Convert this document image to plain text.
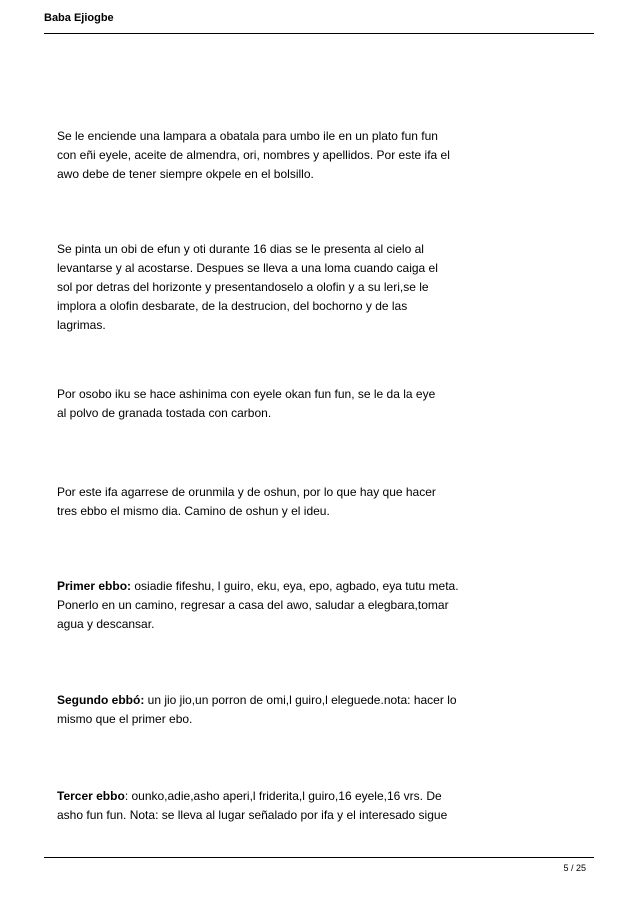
Baba Ejiogbe

Se le enciende una lampara a obatala para umbo ile en un plato fun fun
con eñi eyele, aceite de almendra, ori, nombres y apellidos. Por este ifa el
awo debe de tener siempre okpele en el bolsillo.

Se pinta un obi de efun y oti durante 16 dias se le presenta al cielo al
levantarse y al acostarse. Despues se lleva a una loma cuando caiga el
sol por detras del horizonte y presentandoselo a olofin y a su leri,se le
implora a olofin desbarate, de la destrucion, del bochorno y de las
lagrimas.

Por osobo iku se hace ashinima con eyele okan fun fun, se le da la eye
al polvo de granada tostada con carbon.

Por este ifa agarrese de orunmila y de oshun, por lo que hay que hacer
tres ebbo el mismo dia. Camino de oshun y el ideu.

Primer ebbo: osiadie fifeshu, l guiro, eku, eya, epo, agbado, eya tutu meta.
Ponerlo en un camino, regresar a casa del awo, saludar a elegbara,tomar
agua y descansar.

Segundo ebbó: un jio jio,un porron de omi,l guiro,l eleguede.nota: hacer lo
mismo que el primer ebo.

Tercer ebbo: ounko,adie,asho aperi,l friderita,l guiro,16 eyele,16 vrs. De
asho fun fun. Nota: se lleva al lugar señalado por ifa y el interesado sigue

5 / 25
